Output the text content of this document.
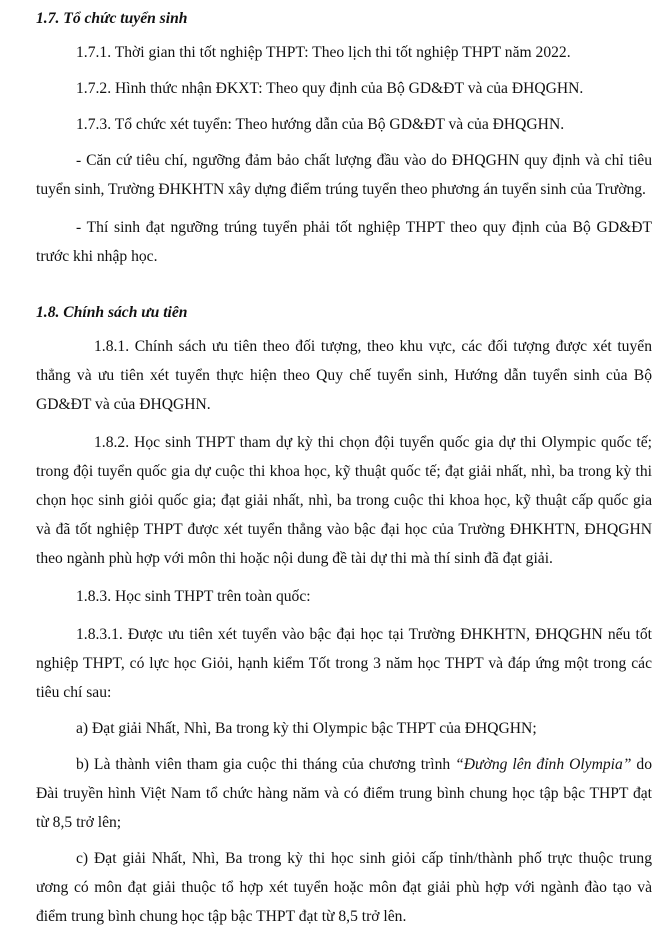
1.7. Tổ chức tuyển sinh

1.7.1. Thời gian thi tốt nghiệp THPT: Theo lịch thi tốt nghiệp THPT năm 2022.

1.7.2. Hình thức nhận ĐKXT: Theo quy định của Bộ GD&ĐT và của ĐHQGHN.

1.7.3. Tổ chức xét tuyển: Theo hướng dẫn của Bộ GD&ĐT và của ĐHQGHN.

- Căn cứ tiêu chí, ngưỡng đảm bảo chất lượng đầu vào do ĐHQGHN quy định và chỉ tiêu tuyển sinh, Trường ĐHKHTN xây dựng điểm trúng tuyển theo phương án tuyển sinh của Trường.

- Thí sinh đạt ngưỡng trúng tuyển phải tốt nghiệp THPT theo quy định của Bộ GD&ĐT trước khi nhập học.

1.8. Chính sách ưu tiên

1.8.1. Chính sách ưu tiên theo đối tượng, theo khu vực, các đối tượng được xét tuyển thẳng và ưu tiên xét tuyển thực hiện theo Quy chế tuyển sinh, Hướng dẫn tuyển sinh của Bộ GD&ĐT và của ĐHQGHN.

1.8.2. Học sinh THPT tham dự kỳ thi chọn đội tuyển quốc gia dự thi Olympic quốc tế; trong đội tuyển quốc gia dự cuộc thi khoa học, kỹ thuật quốc tế; đạt giải nhất, nhì, ba trong kỳ thi chọn học sinh giỏi quốc gia; đạt giải nhất, nhì, ba trong cuộc thi khoa học, kỹ thuật cấp quốc gia và đã tốt nghiệp THPT được xét tuyển thẳng vào bậc đại học của Trường ĐHKHTN, ĐHQGHN theo ngành phù hợp với môn thi hoặc nội dung đề tài dự thi mà thí sinh đã đạt giải.

1.8.3. Học sinh THPT trên toàn quốc:

1.8.3.1. Được ưu tiên xét tuyển vào bậc đại học tại Trường ĐHKHTN, ĐHQGHN nếu tốt nghiệp THPT, có lực học Giỏi, hạnh kiểm Tốt trong 3 năm học THPT và đáp ứng một trong các tiêu chí sau:

a) Đạt giải Nhất, Nhì, Ba trong kỳ thi Olympic bậc THPT của ĐHQGHN;

b) Là thành viên tham gia cuộc thi tháng của chương trình “Đường lên đỉnh Olympia” do Đài truyền hình Việt Nam tổ chức hàng năm và có điểm trung bình chung học tập bậc THPT đạt từ 8,5 trở lên;

c) Đạt giải Nhất, Nhì, Ba trong kỳ thi học sinh giỏi cấp tỉnh/thành phố trực thuộc trung ương có môn đạt giải thuộc tổ hợp xét tuyển hoặc môn đạt giải phù hợp với ngành đào tạo và điểm trung bình chung học tập bậc THPT đạt từ 8,5 trở lên.
